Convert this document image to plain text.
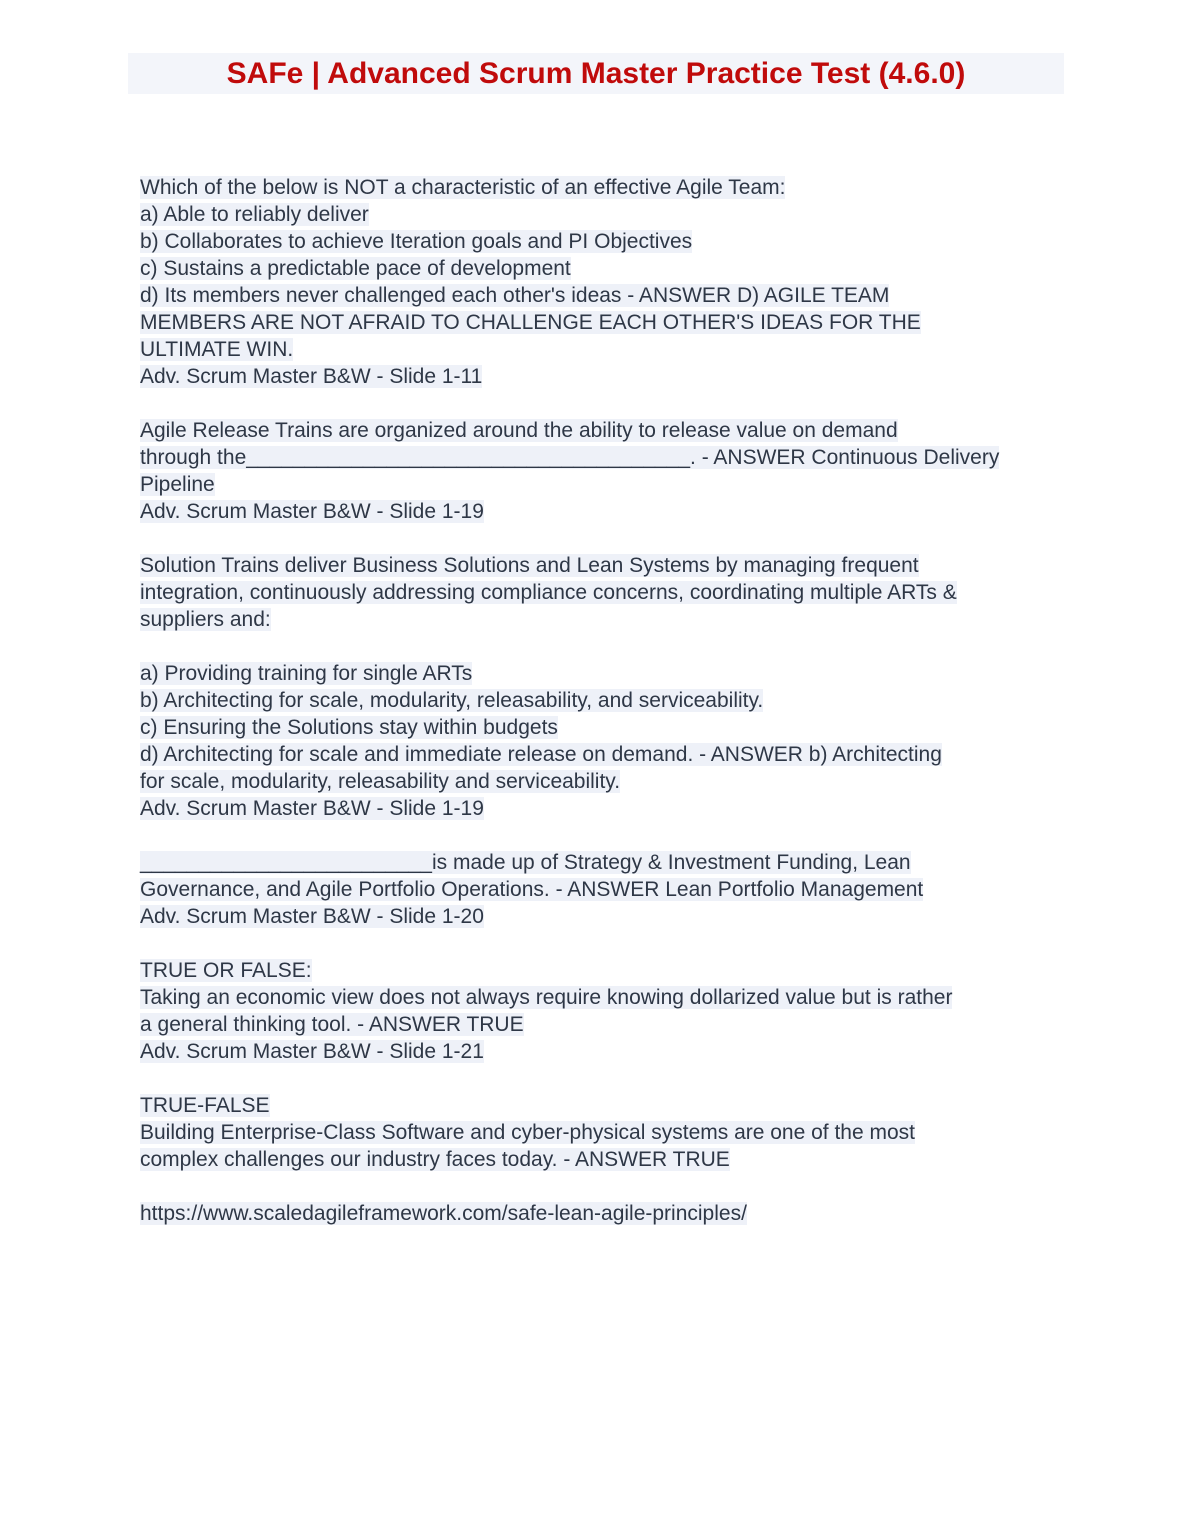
SAFe | Advanced Scrum Master Practice Test (4.6.0)
Which of the below is NOT a characteristic of an effective Agile Team:
a) Able to reliably deliver
b) Collaborates to achieve Iteration goals and PI Objectives
c) Sustains a predictable pace of development
d) Its members never challenged each other's ideas - ANSWER D) AGILE TEAM
MEMBERS ARE NOT AFRAID TO CHALLENGE EACH OTHER'S IDEAS FOR THE
ULTIMATE WIN.
Adv. Scrum Master B&W - Slide 1-11
Agile Release Trains are organized around the ability to release value on demand
through the______________________________________. - ANSWER Continuous Delivery
Pipeline
Adv. Scrum Master B&W - Slide 1-19
Solution Trains deliver Business Solutions and Lean Systems by managing frequent
integration, continuously addressing compliance concerns, coordinating multiple ARTs &
suppliers and:
a) Providing training for single ARTs
b) Architecting for scale, modularity, releasability, and serviceability.
c) Ensuring the Solutions stay within budgets
d) Architecting for scale and immediate release on demand. - ANSWER b) Architecting
for scale, modularity, releasability and serviceability.
Adv. Scrum Master B&W - Slide 1-19
_________________________is made up of Strategy & Investment Funding, Lean
Governance, and Agile Portfolio Operations. - ANSWER Lean Portfolio Management
Adv. Scrum Master B&W - Slide 1-20
TRUE OR FALSE:
Taking an economic view does not always require knowing dollarized value but is rather
a general thinking tool. - ANSWER TRUE
Adv. Scrum Master B&W - Slide 1-21
TRUE-FALSE
Building Enterprise-Class Software and cyber-physical systems are one of the most
complex challenges our industry faces today. - ANSWER TRUE
https://www.scaledagileframework.com/safe-lean-agile-principles/
